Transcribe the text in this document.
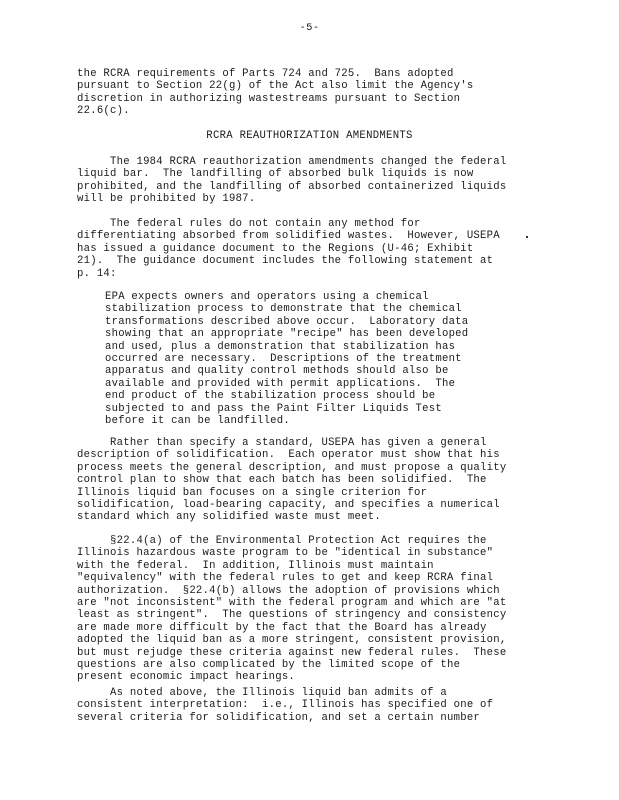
-5-
the RCRA requirements of Parts 724 and 725.  Bans adopted
pursuant to Section 22(g) of the Act also limit the Agency's
discretion in authorizing wastestreams pursuant to Section
22.6(c).
RCRA REAUTHORIZATION AMENDMENTS
The 1984 RCRA reauthorization amendments changed the federal
liquid bar.  The landfilling of absorbed bulk liquids is now
prohibited, and the landfilling of absorbed containerized liquids
will be prohibited by 1987.
The federal rules do not contain any method for
differentiating absorbed from solidified wastes.  However, USEPA
has issued a guidance document to the Regions (U-46; Exhibit
21).  The guidance document includes the following statement at
p. 14:
EPA expects owners and operators using a chemical
stabilization process to demonstrate that the chemical
transformations described above occur.  Laboratory data
showing that an appropriate "recipe" has been developed
and used, plus a demonstration that stabilization has
occurred are necessary.  Descriptions of the treatment
apparatus and quality control methods should also be
available and provided with permit applications.  The
end product of the stabilization process should be
subjected to and pass the Paint Filter Liquids Test
before it can be landfilled.
Rather than specify a standard, USEPA has given a general
description of solidification.  Each operator must show that his
process meets the general description, and must propose a quality
control plan to show that each batch has been solidified.  The
Illinois liquid ban focuses on a single criterion for
solidification, load-bearing capacity, and specifies a numerical
standard which any solidified waste must meet.
§22.4(a) of the Environmental Protection Act requires the
Illinois hazardous waste program to be "identical in substance"
with the federal.  In addition, Illinois must maintain
"equivalency" with the federal rules to get and keep RCRA final
authorization.  §22.4(b) allows the adoption of provisions which
are "not inconsistent" with the federal program and which are "at
least as stringent".  The questions of stringency and consistency
are made more difficult by the fact that the Board has already
adopted the liquid ban as a more stringent, consistent provision,
but must rejudge these criteria against new federal rules.  These
questions are also complicated by the limited scope of the
present economic impact hearings.
As noted above, the Illinois liquid ban admits of a
consistent interpretation:  i.e., Illinois has specified one of
several criteria for solidification, and set a certain number
